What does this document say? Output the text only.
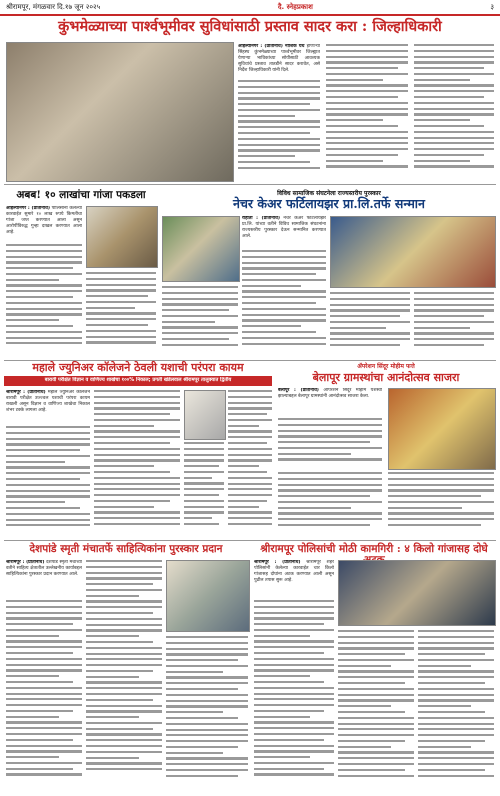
श्रीरामपूर, मंगळवार दि.१७ जून २०२५	दै. स्नेहप्रकाश	३
कुंभमेळ्याच्या पार्श्वभूमीवर सुविधांसाठी प्रस्ताव सादर करा : जिल्हाधिकारी
अहिल्यानगर : (प्रतिनिधि) नाशिक येथे होणाऱ्या सिंहस्थ कुंभमेळ्याच्या पार्श्वभूमीवर जिल्ह्यात येणाऱ्या भाविकांच्या सोयीसाठी आवश्यक सुविधांचे प्रस्ताव तातडीने सादर करावेत, असे निर्देश जिल्हाधिकारी यांनी दिले.
अबब! १० लाखांचा गांजा पकडला
अहिल्यानगर : (प्रतिनिधि) पोलिसांनी केलेल्या कारवाईत सुमारे १० लाख रुपये किमतीचा गांजा जप्त करण्यात आला असून आरोपींविरुद्ध गुन्हा दाखल करण्यात आला आहे.
विविध सामाजिक संघटनेला राज्यस्तरीय पुरस्कार
नेचर केअर फर्टिलायझर प्रा.लि.तर्फे सन्मान
राहाता : (प्रतिनिधि) नेचर केअर फर्टिलायझर प्रा.लि. यांच्या वतीने विविध सामाजिक संघटनांना राज्यस्तरीय पुरस्कार देऊन सन्मानित करण्यात आले.
ॲपरेशन सिंदूर मोहीम फत्ते
बेलापूर ग्रामस्थांचा आनंदोत्सव साजरा
बेलापूर : (प्रतिनिधि) ऑपरेशन सिंदूर मोहीम यशस्वी झाल्याबद्दल बेलापूर ग्रामस्थांनी आनंदोत्सव साजरा केला.
महाले ज्युनिअर कॉलेजने ठेवली यशाची परंपरा कायम
बारावी परीक्षेत विज्ञान व वाणिज्य शाखेचा १००% निकाल; प्रगती खंडेलवाल श्रीरामपूर तालुक्यात द्वितीय
श्रीरामपूर : (प्रतिनिधि) महाले ज्युनिअर कॉलेजने बारावी परीक्षेत उज्ज्वल यशाची परंपरा कायम राखली असून विज्ञान व वाणिज्य शाखेचा निकाल शंभर टक्के लागला आहे.
देशपांडे स्मृती मंचातर्फे साहित्यिकांना पुरस्कार प्रदान
श्रीरामपूर : (प्रतिनिधि) देशपांडे स्मृती मंचाच्या वतीने साहित्य क्षेत्रातील उल्लेखनीय कार्याबद्दल साहित्यिकांना पुरस्कार प्रदान करण्यात आले.
श्रीरामपूर पोलिसांची मोठी कामगिरी : ४ किलो गांजासह दोघे
श्रीरामपूर : (प्रतिनिधि) श्रीरामपूर शहर पोलिसांनी केलेल्या कारवाईत चार किलो गांजासह दोघांना अटक करण्यात आली असून पुढील तपास सुरू आहे.
